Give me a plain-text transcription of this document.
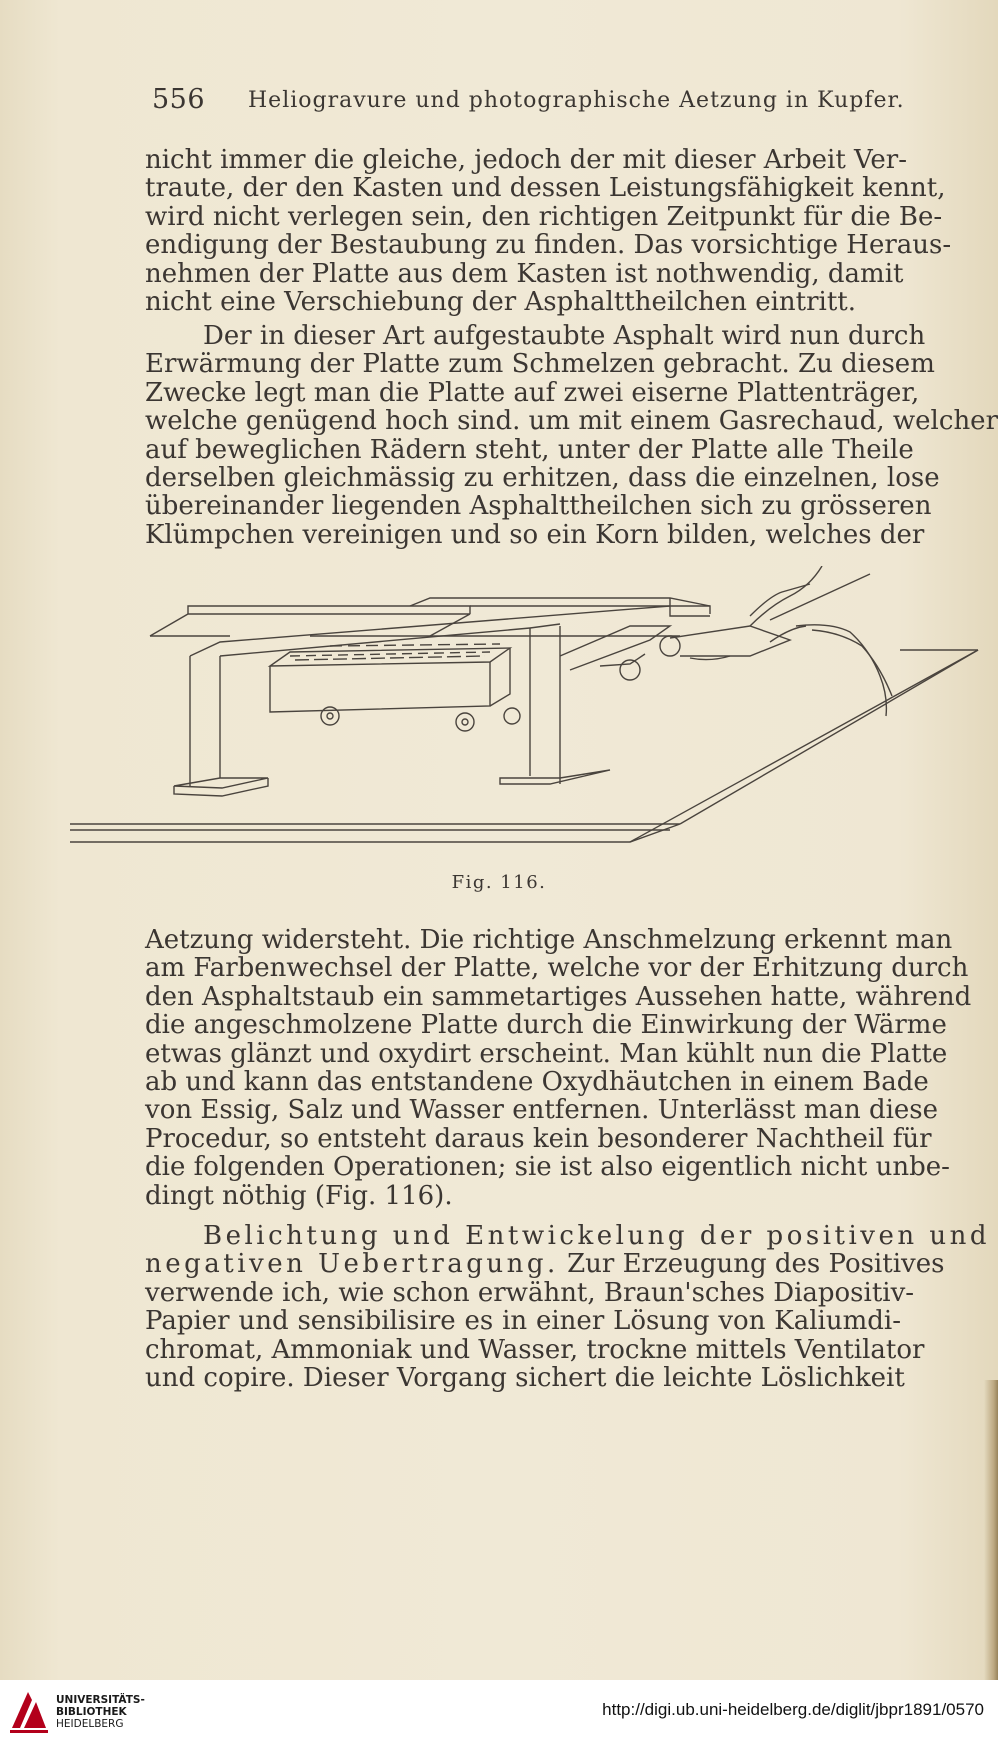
556 Heliogravure und photographische Aetzung in Kupfer.
nicht immer die gleiche, jedoch der mit dieser Arbeit Ver-
traute, der den Kasten und dessen Leistungsfähigkeit kennt,
wird nicht verlegen sein, den richtigen Zeitpunkt für die Be-
endigung der Bestaubung zu finden. Das vorsichtige Heraus-
nehmen der Platte aus dem Kasten ist nothwendig, damit
nicht eine Verschiebung der Asphalttheilchen eintritt.
Der in dieser Art aufgestaubte Asphalt wird nun durch
Erwärmung der Platte zum Schmelzen gebracht. Zu diesem
Zwecke legt man die Platte auf zwei eiserne Plattenträger,
welche genügend hoch sind. um mit einem Gasrechaud, welcher
auf beweglichen Rädern steht, unter der Platte alle Theile
derselben gleichmässig zu erhitzen, dass die einzelnen, lose
übereinander liegenden Asphalttheilchen sich zu grösseren
Klümpchen vereinigen und so ein Korn bilden, welches der
Fig. 116.
Aetzung widersteht. Die richtige Anschmelzung erkennt man
am Farbenwechsel der Platte, welche vor der Erhitzung durch
den Asphaltstaub ein sammetartiges Aussehen hatte, während
die angeschmolzene Platte durch die Einwirkung der Wärme
etwas glänzt und oxydirt erscheint. Man kühlt nun die Platte
ab und kann das entstandene Oxydhäutchen in einem Bade
von Essig, Salz und Wasser entfernen. Unterlässt man diese
Procedur, so entsteht daraus kein besonderer Nachtheil für
die folgenden Operationen; sie ist also eigentlich nicht unbe-
dingt nöthig (Fig. 116).
Belichtung und Entwickelung der positiven und
negativen Uebertragung. Zur Erzeugung des Positives
verwende ich, wie schon erwähnt, Braun'sches Diapositiv-
Papier und sensibilisire es in einer Lösung von Kaliumdi-
chromat, Ammoniak und Wasser, trockne mittels Ventilator
und copire. Dieser Vorgang sichert die leichte Löslichkeit
UNIVERSITÄTS-
BIBLIOTHEK
HEIDELBERG
http://digi.ub.uni-heidelberg.de/diglit/jbpr1891/0570
